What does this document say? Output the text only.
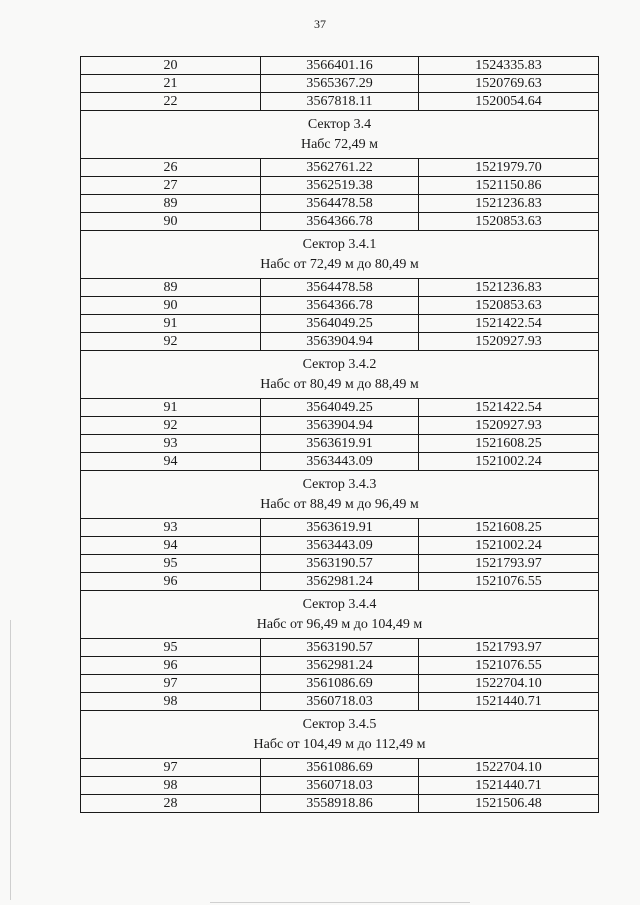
37
20	3566401.16	1524335.83
21	3565367.29	1520769.63
22	3567818.11	1520054.64

Сектор 3.4
Набс 72,49 м		

26	3562761.22	1521979.70
27	3562519.38	1521150.86
89	3564478.58	1521236.83
90	3564366.78	1520853.63

Сектор 3.4.1
Набс от 72,49 м до 80,49 м		

89	3564478.58	1521236.83
90	3564366.78	1520853.63
91	3564049.25	1521422.54
92	3563904.94	1520927.93

Сектор 3.4.2
Набс от 80,49 м до 88,49 м		

91	3564049.25	1521422.54
92	3563904.94	1520927.93
93	3563619.91	1521608.25
94	3563443.09	1521002.24

Сектор 3.4.3
Набс от 88,49 м до 96,49 м		

93	3563619.91	1521608.25
94	3563443.09	1521002.24
95	3563190.57	1521793.97
96	3562981.24	1521076.55

Сектор 3.4.4
Набс от 96,49 м до 104,49 м		

95	3563190.57	1521793.97
96	3562981.24	1521076.55
97	3561086.69	1522704.10
98	3560718.03	1521440.71

Сектор 3.4.5
Набс от 104,49 м до 112,49 м		

97	3561086.69	1522704.10
98	3560718.03	1521440.71
28	3558918.86	1521506.48
